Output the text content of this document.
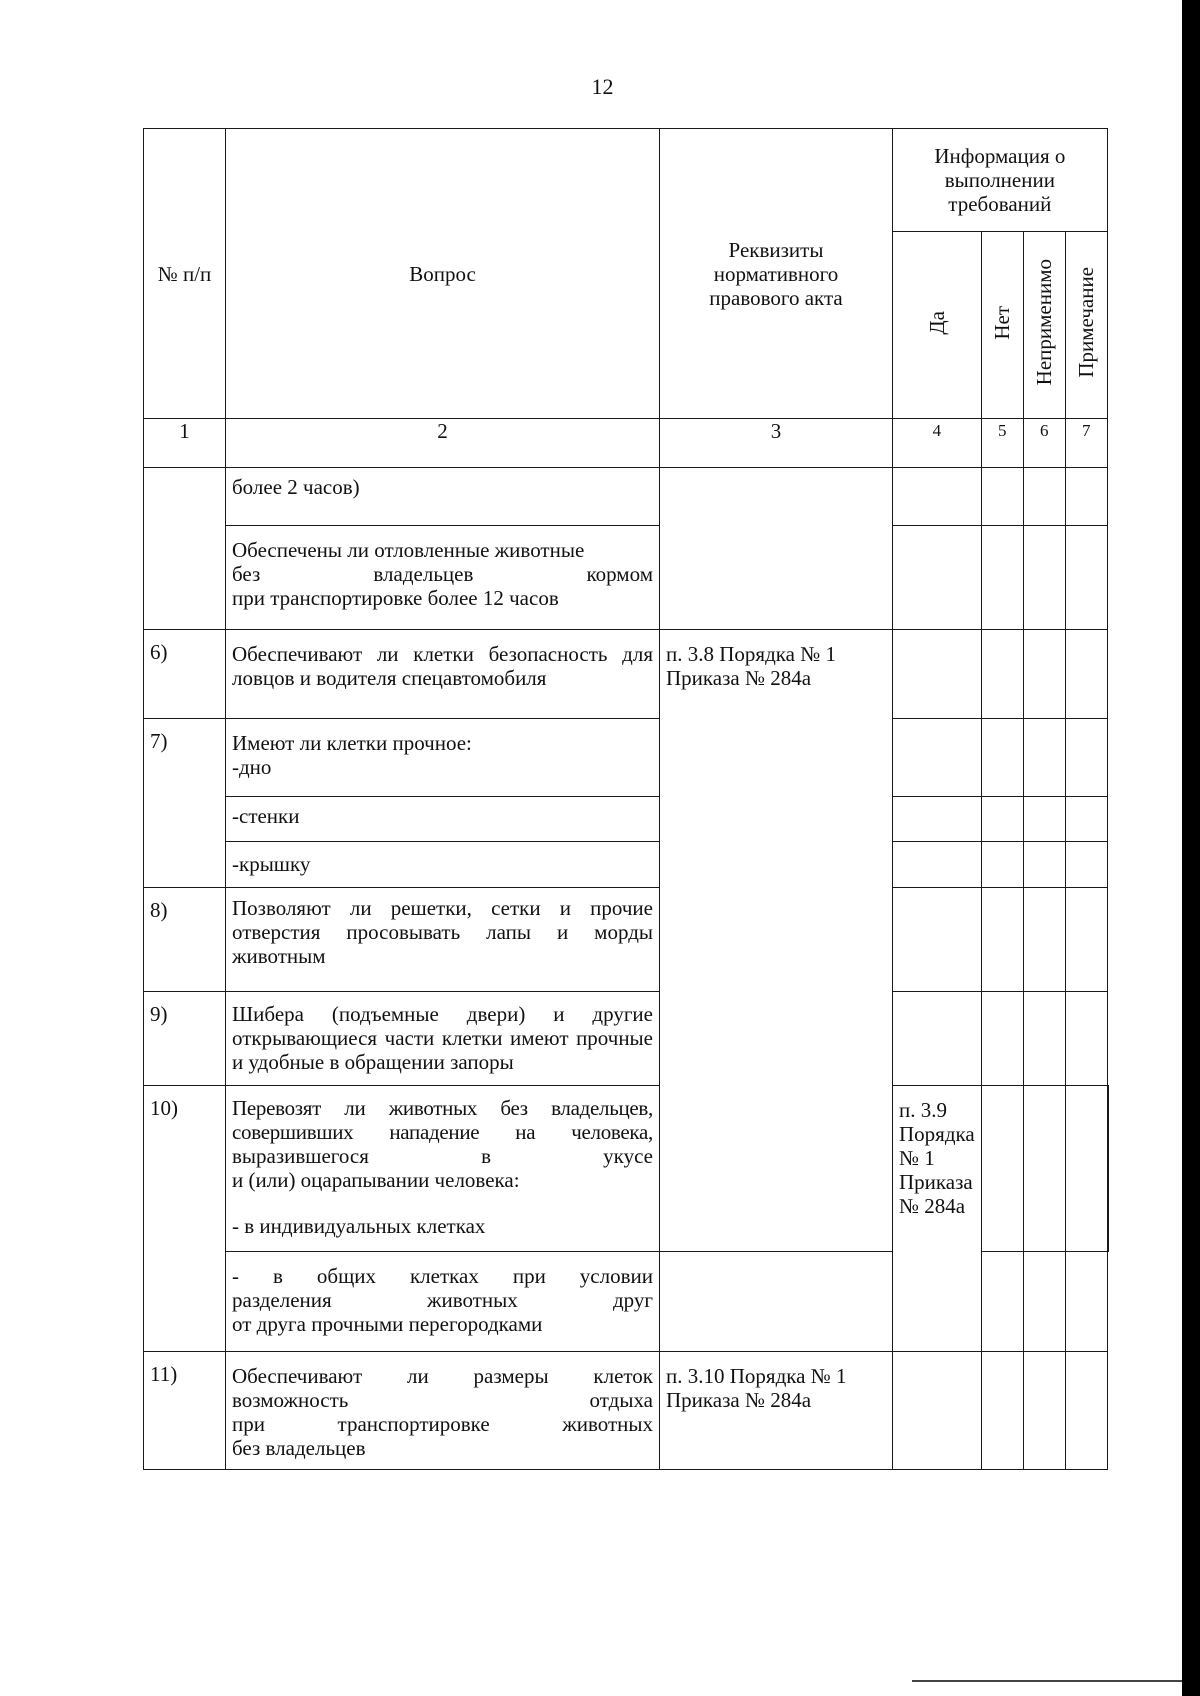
12
№ п/п	Вопрос	Реквизиты нормативного правового акта	Информация о выполнении требований				
			Да	Нет	Неприменимо	Примечание	
1	2	3	4	5	6	7	
	более 2 часов)						

	Обеспечены ли отловленные животные
без владельцев кормом
при транспортировке более 12 часов						

6)	Обеспечивают ли клетки безопасность для ловцов и водителя спецавтомобиля	п. 3.8 Порядка № 1 Приказа № 284а					
7)	Имеют ли клетки прочное:
-дно						

	-стенки						
	-крышку						
8)	Позволяют ли решетки, сетки и прочие отверстия просовывать лапы и морды животным						
9)	Шибера (подъемные двери) и другие открывающиеся части клетки имеют прочные и удобные в обращении запоры						
10)	Перевозят ли животных без владельцев, совершивших нападение на человека,
выразившегося в укусе
и (или) оцарапывании человека:
- в индивидуальных клетках		п. 3.9 Порядка № 1 Приказа № 284а				

	- в общих клетках при условии
разделения животных друг
от друга прочными перегородками						

11)	Обеспечивают ли размеры клеток
возможность отдыха
при транспортировке животных
без владельцев	п. 3.10 Порядка № 1 Приказа № 284а					
